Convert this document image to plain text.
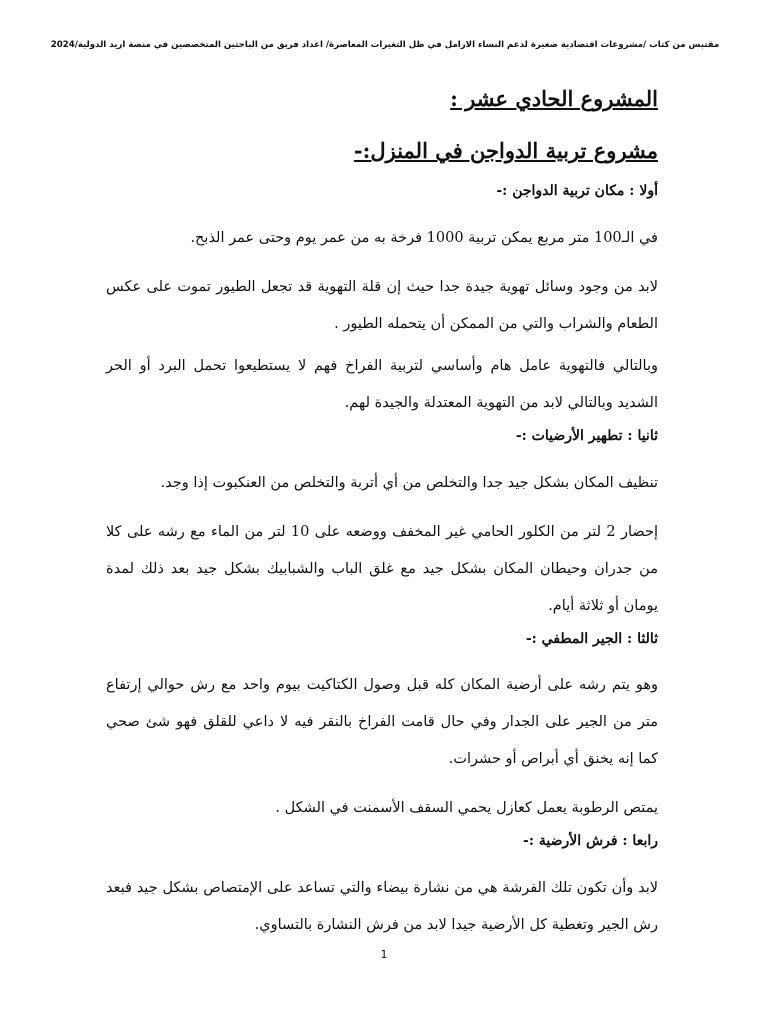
مقتبس من كتاب /مشروعات اقتصادية صغيرة لدعم النساء الارامل في ظل التغيرات المعاصرة/ اعداد فريق من الباحثين المتخصصين في منصة اريد الدولية/2024
المشروع الحادي عشر :
مشروع تربية الدواجن في المنزل:-
أولا : مكان تربية الدواجن :-

في الـ100 متر مربع يمكن تربية 1000 فرخة به من عمر يوم وحتى عمر الذبح.

لابد من وجود وسائل تهوية جيدة جدا حيث إن قلة التهوية قد تجعل الطيور تموت على عكس الطعام والشراب والتي من الممكن أن يتحمله الطيور .

وبالتالي فالتهوية عامل هام وأساسي لتربية الفراخ فهم لا يستطيعوا تحمل البرد أو الحر الشديد وبالتالي لابد من التهوية المعتدلة والجيدة لهم.

ثانيا : تطهير الأرضيات :-

تنظيف المكان بشكل جيد جدا والتخلص من أي أتربة والتخلص من العنكبوت إذا وجد.

إحضار 2 لتر من الكلور الحامي غير المخفف ووضعه على 10 لتر من الماء مع رشه على كلا من جدران وحيطان المكان بشكل جيد مع غلق الباب والشبابيك بشكل جيد بعد ذلك لمدة يومان أو ثلاثة أيام.

ثالثا : الجير المطفي :-

وهو يتم رشه على أرضية المكان كله قبل وصول الكتاكيت بيوم واحد مع رش حوالي إرتفاع متر من الجير على الجدار وفي حال قامت الفراخ بالنقر فيه لا داعي للقلق فهو شئ صحي كما إنه يخنق أي أبراص أو حشرات.

يمتص الرطوبة يعمل كعازل يحمي السقف الأسمنت في الشكل .

رابعا : فرش الأرضية :-

لابد وأن تكون تلك الفرشة هي من نشارة بيضاء والتي تساعد على الإمتصاص بشكل جيد فبعد رش الجير وتغطية كل الأرضية جيدا لابد من فرش النشارة بالتساوي.

1
